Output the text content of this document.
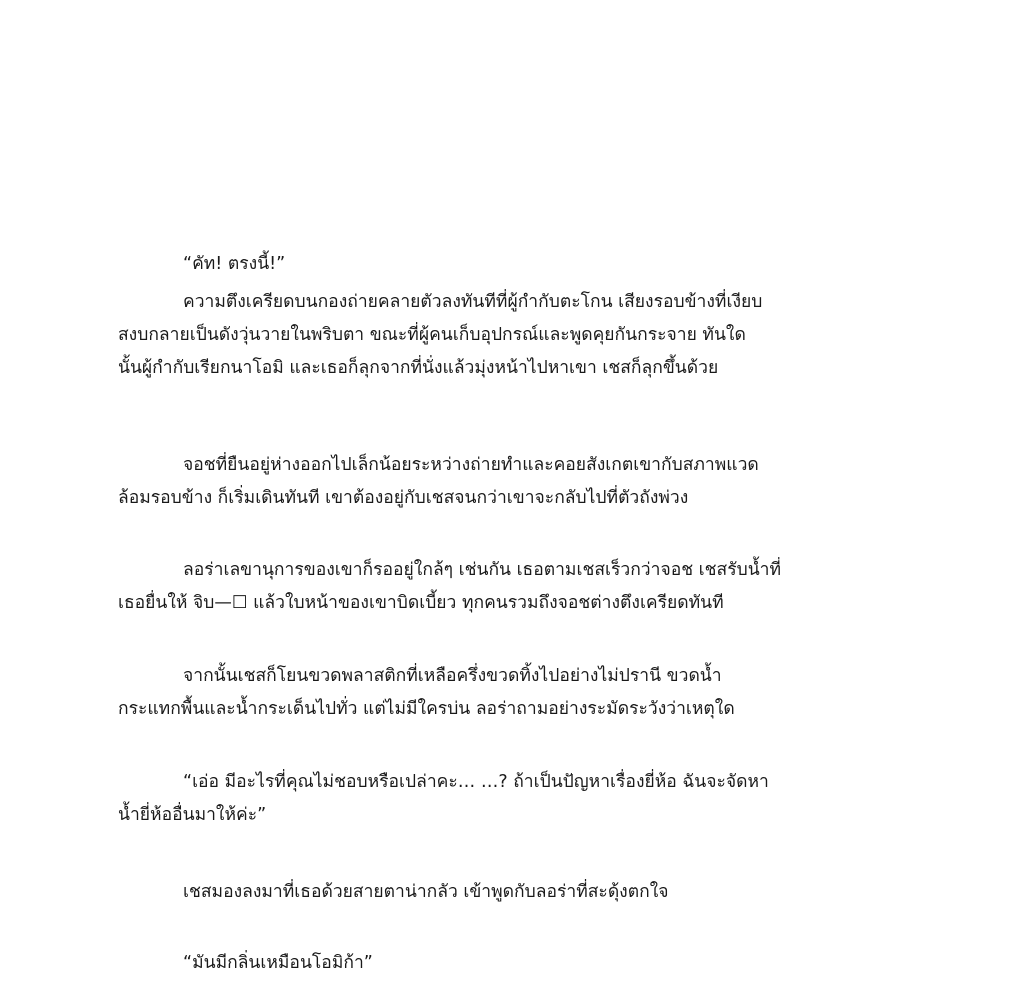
“คัท! ตรงนี้!”

ความตึงเครียดบนกองถ่ายคลายตัวลงทันทีที่ผู้กำกับตะโกน เสียงรอบข้างที่เงียบ
สงบกลายเป็นดังวุ่นวายในพริบตา ขณะที่ผู้คนเก็บอุปกรณ์และพูดคุยกันกระจาย ทันใด
นั้นผู้กำกับเรียกนาโอมิ และเธอก็ลุกจากที่นั่งแล้วมุ่งหน้าไปหาเขา เชสก็ลุกขึ้นด้วย

จอชที่ยืนอยู่ห่างออกไปเล็กน้อยระหว่างถ่ายทำและคอยสังเกตเขากับสภาพแวด
ล้อมรอบข้าง ก็เริ่มเดินทันที เขาต้องอยู่กับเชสจนกว่าเขาจะกลับไปที่ตัวถังพ่วง

ลอร่าเลขานุการของเขาก็รออยู่ใกล้ๆ เช่นกัน เธอตามเชสเร็วกว่าจอช เชสรับน้ำที่
เธอยื่นให้ จิบ—☐ แล้วใบหน้าของเขาบิดเบี้ยว ทุกคนรวมถึงจอชต่างตึงเครียดทันที

จากนั้นเชสก็โยนขวดพลาสติกที่เหลือครึ่งขวดทิ้งไปอย่างไม่ปรานี ขวดน้ำ
กระแทกพื้นและน้ำกระเด็นไปทั่ว แต่ไม่มีใครบ่น ลอร่าถามอย่างระมัดระวังว่าเหตุใด

“เอ่อ มีอะไรที่คุณไม่ชอบหรือเปล่าคะ… …? ถ้าเป็นปัญหาเรื่องยี่ห้อ ฉันจะจัดหา
น้ำยี่ห้ออื่นมาให้ค่ะ”

เชสมองลงมาที่เธอด้วยสายตาน่ากลัว เข้าพูดกับลอร่าที่สะดุ้งตกใจ

“มันมีกลิ่นเหมือนโอมิก้า”
